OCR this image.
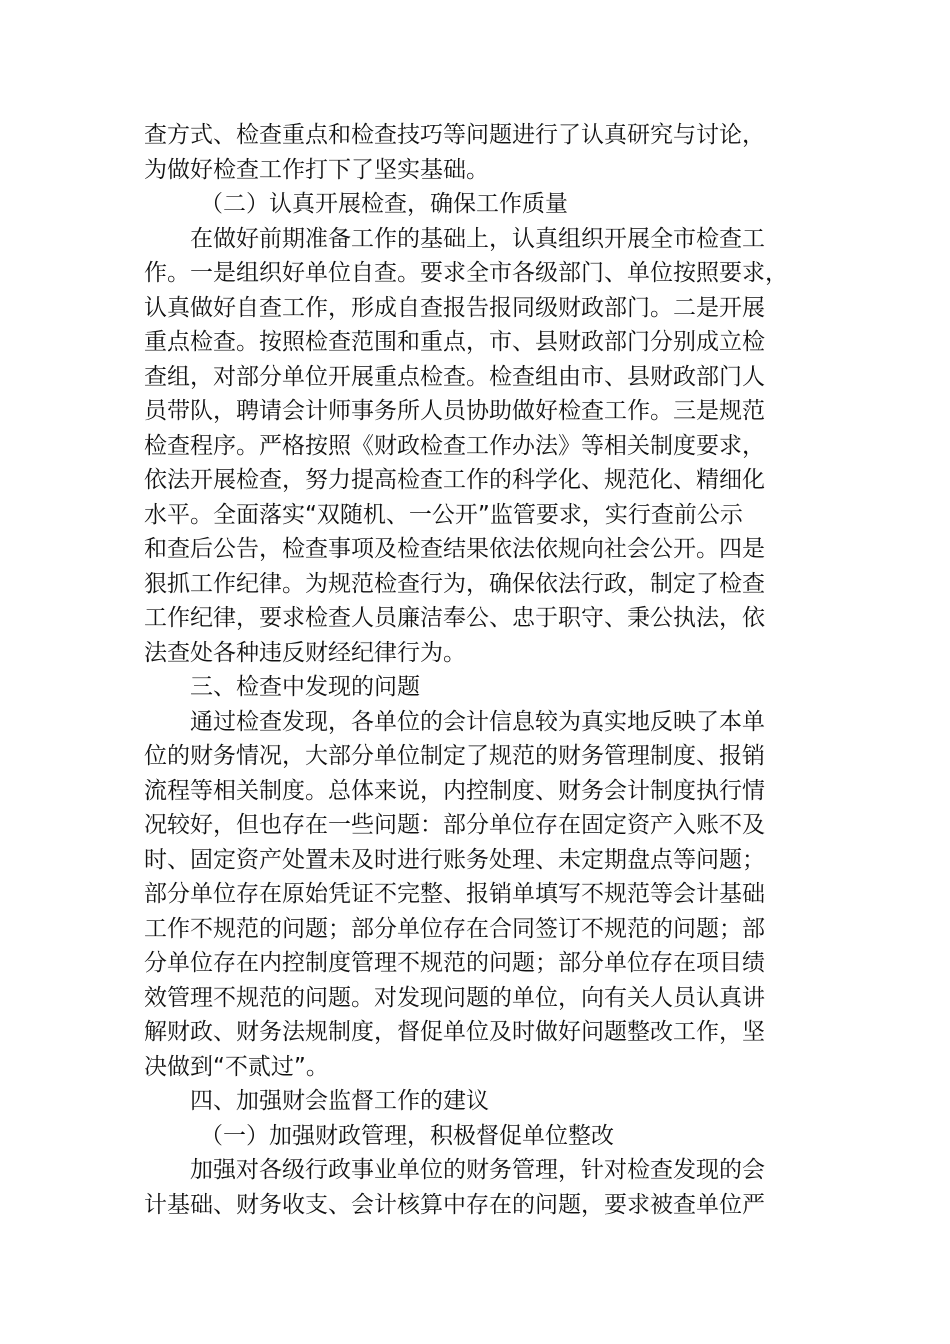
查方式、检查重点和检查技巧等问题进行了认真研究与讨论，
为做好检查工作打下了坚实基础。
（二）认真开展检查，确保工作质量
在做好前期准备工作的基础上，认真组织开展全市检查工
作。一是组织好单位自查。要求全市各级部门、单位按照要求，
认真做好自查工作，形成自查报告报同级财政部门。二是开展
重点检查。按照检查范围和重点，市、县财政部门分别成立检
查组，对部分单位开展重点检查。检查组由市、县财政部门人
员带队，聘请会计师事务所人员协助做好检查工作。三是规范
检查程序。严格按照《财政检查工作办法》等相关制度要求，
依法开展检查，努力提高检查工作的科学化、规范化、精细化
水平。全面落实“双随机、一公开”监管要求，实行查前公示
和查后公告，检查事项及检查结果依法依规向社会公开。四是
狠抓工作纪律。为规范检查行为，确保依法行政，制定了检查
工作纪律，要求检查人员廉洁奉公、忠于职守、秉公执法，依
法查处各种违反财经纪律行为。
三、检查中发现的问题
通过检查发现，各单位的会计信息较为真实地反映了本单
位的财务情况，大部分单位制定了规范的财务管理制度、报销
流程等相关制度。总体来说，内控制度、财务会计制度执行情
况较好，但也存在一些问题：部分单位存在固定资产入账不及
时、固定资产处置未及时进行账务处理、未定期盘点等问题；
部分单位存在原始凭证不完整、报销单填写不规范等会计基础
工作不规范的问题；部分单位存在合同签订不规范的问题；部
分单位存在内控制度管理不规范的问题；部分单位存在项目绩
效管理不规范的问题。对发现问题的单位，向有关人员认真讲
解财政、财务法规制度，督促单位及时做好问题整改工作，坚
决做到“不贰过”。
四、加强财会监督工作的建议
（一）加强财政管理，积极督促单位整改
加强对各级行政事业单位的财务管理，针对检查发现的会
计基础、财务收支、会计核算中存在的问题，要求被查单位严
